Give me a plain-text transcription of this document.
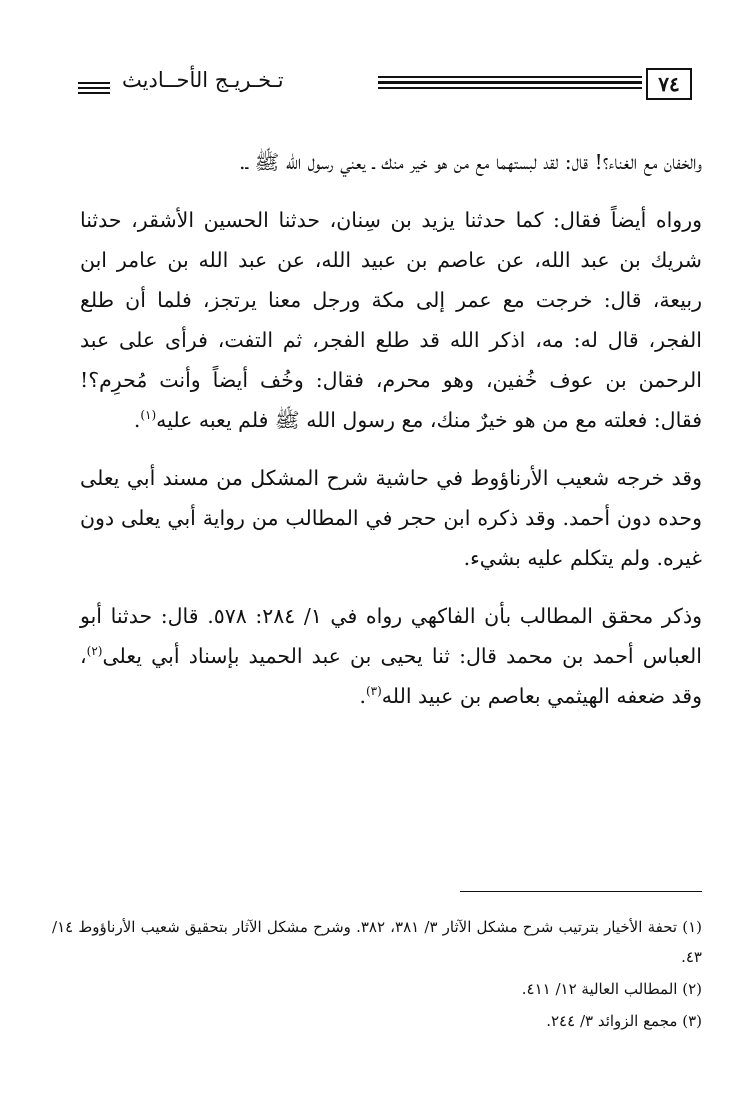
٧٤
تـخـريـج الأحــاديث

والخفان مع الغناء؟! قال: لقد لبستهما مع من هو خير منك ـ يعني رسول الله ﷺ ـ.

ورواه أيضاً فقال: كما حدثنا يزيد بن سِنان، حدثنا الحسين الأشقر، حدثنا شريك بن عبد الله، عن عاصم بن عبيد الله، عن عبد الله بن عامر ابن ربيعة، قال: خرجت مع عمر إلى مكة ورجل معنا يرتجز، فلما أن طلع الفجر، قال له: مه، اذكر الله قد طلع الفجر، ثم التفت، فرأى على عبد الرحمن بن عوف خُفين، وهو محرم، فقال: وخُف أيضاً وأنت مُحرِم؟! فقال: فعلته مع من هو خيرٌ منك، مع رسول الله ﷺ فلم يعبه عليه$^{(١)}$.

وقد خرجه شعيب الأرناؤوط في حاشية شرح المشكل من مسند أبي يعلى وحده دون أحمد. وقد ذكره ابن حجر في المطالب من رواية أبي يعلى دون غيره. ولم يتكلم عليه بشيء.

وذكر محقق المطالب بأن الفاكهي رواه في ١/ ٢٨٤: ٥٧٨. قال: حدثنا أبو العباس أحمد بن محمد قال: ثنا يحيى بن عبد الحميد بإسناد أبي يعلى$^{(٢)}$، وقد ضعفه الهيثمي بعاصم بن عبيد الله$^{(٣)}$.

(١) تحفة الأخيار بترتيب شرح مشكل الآثار ٣/ ٣٨١، ٣٨٢. وشرح مشكل الآثار بتحقيق شعيب الأرناؤوط ١٤/ ٤٣.

(٢) المطالب العالية ١٢/ ٤١١.

(٣) مجمع الزوائد ٣/ ٢٤٤.
